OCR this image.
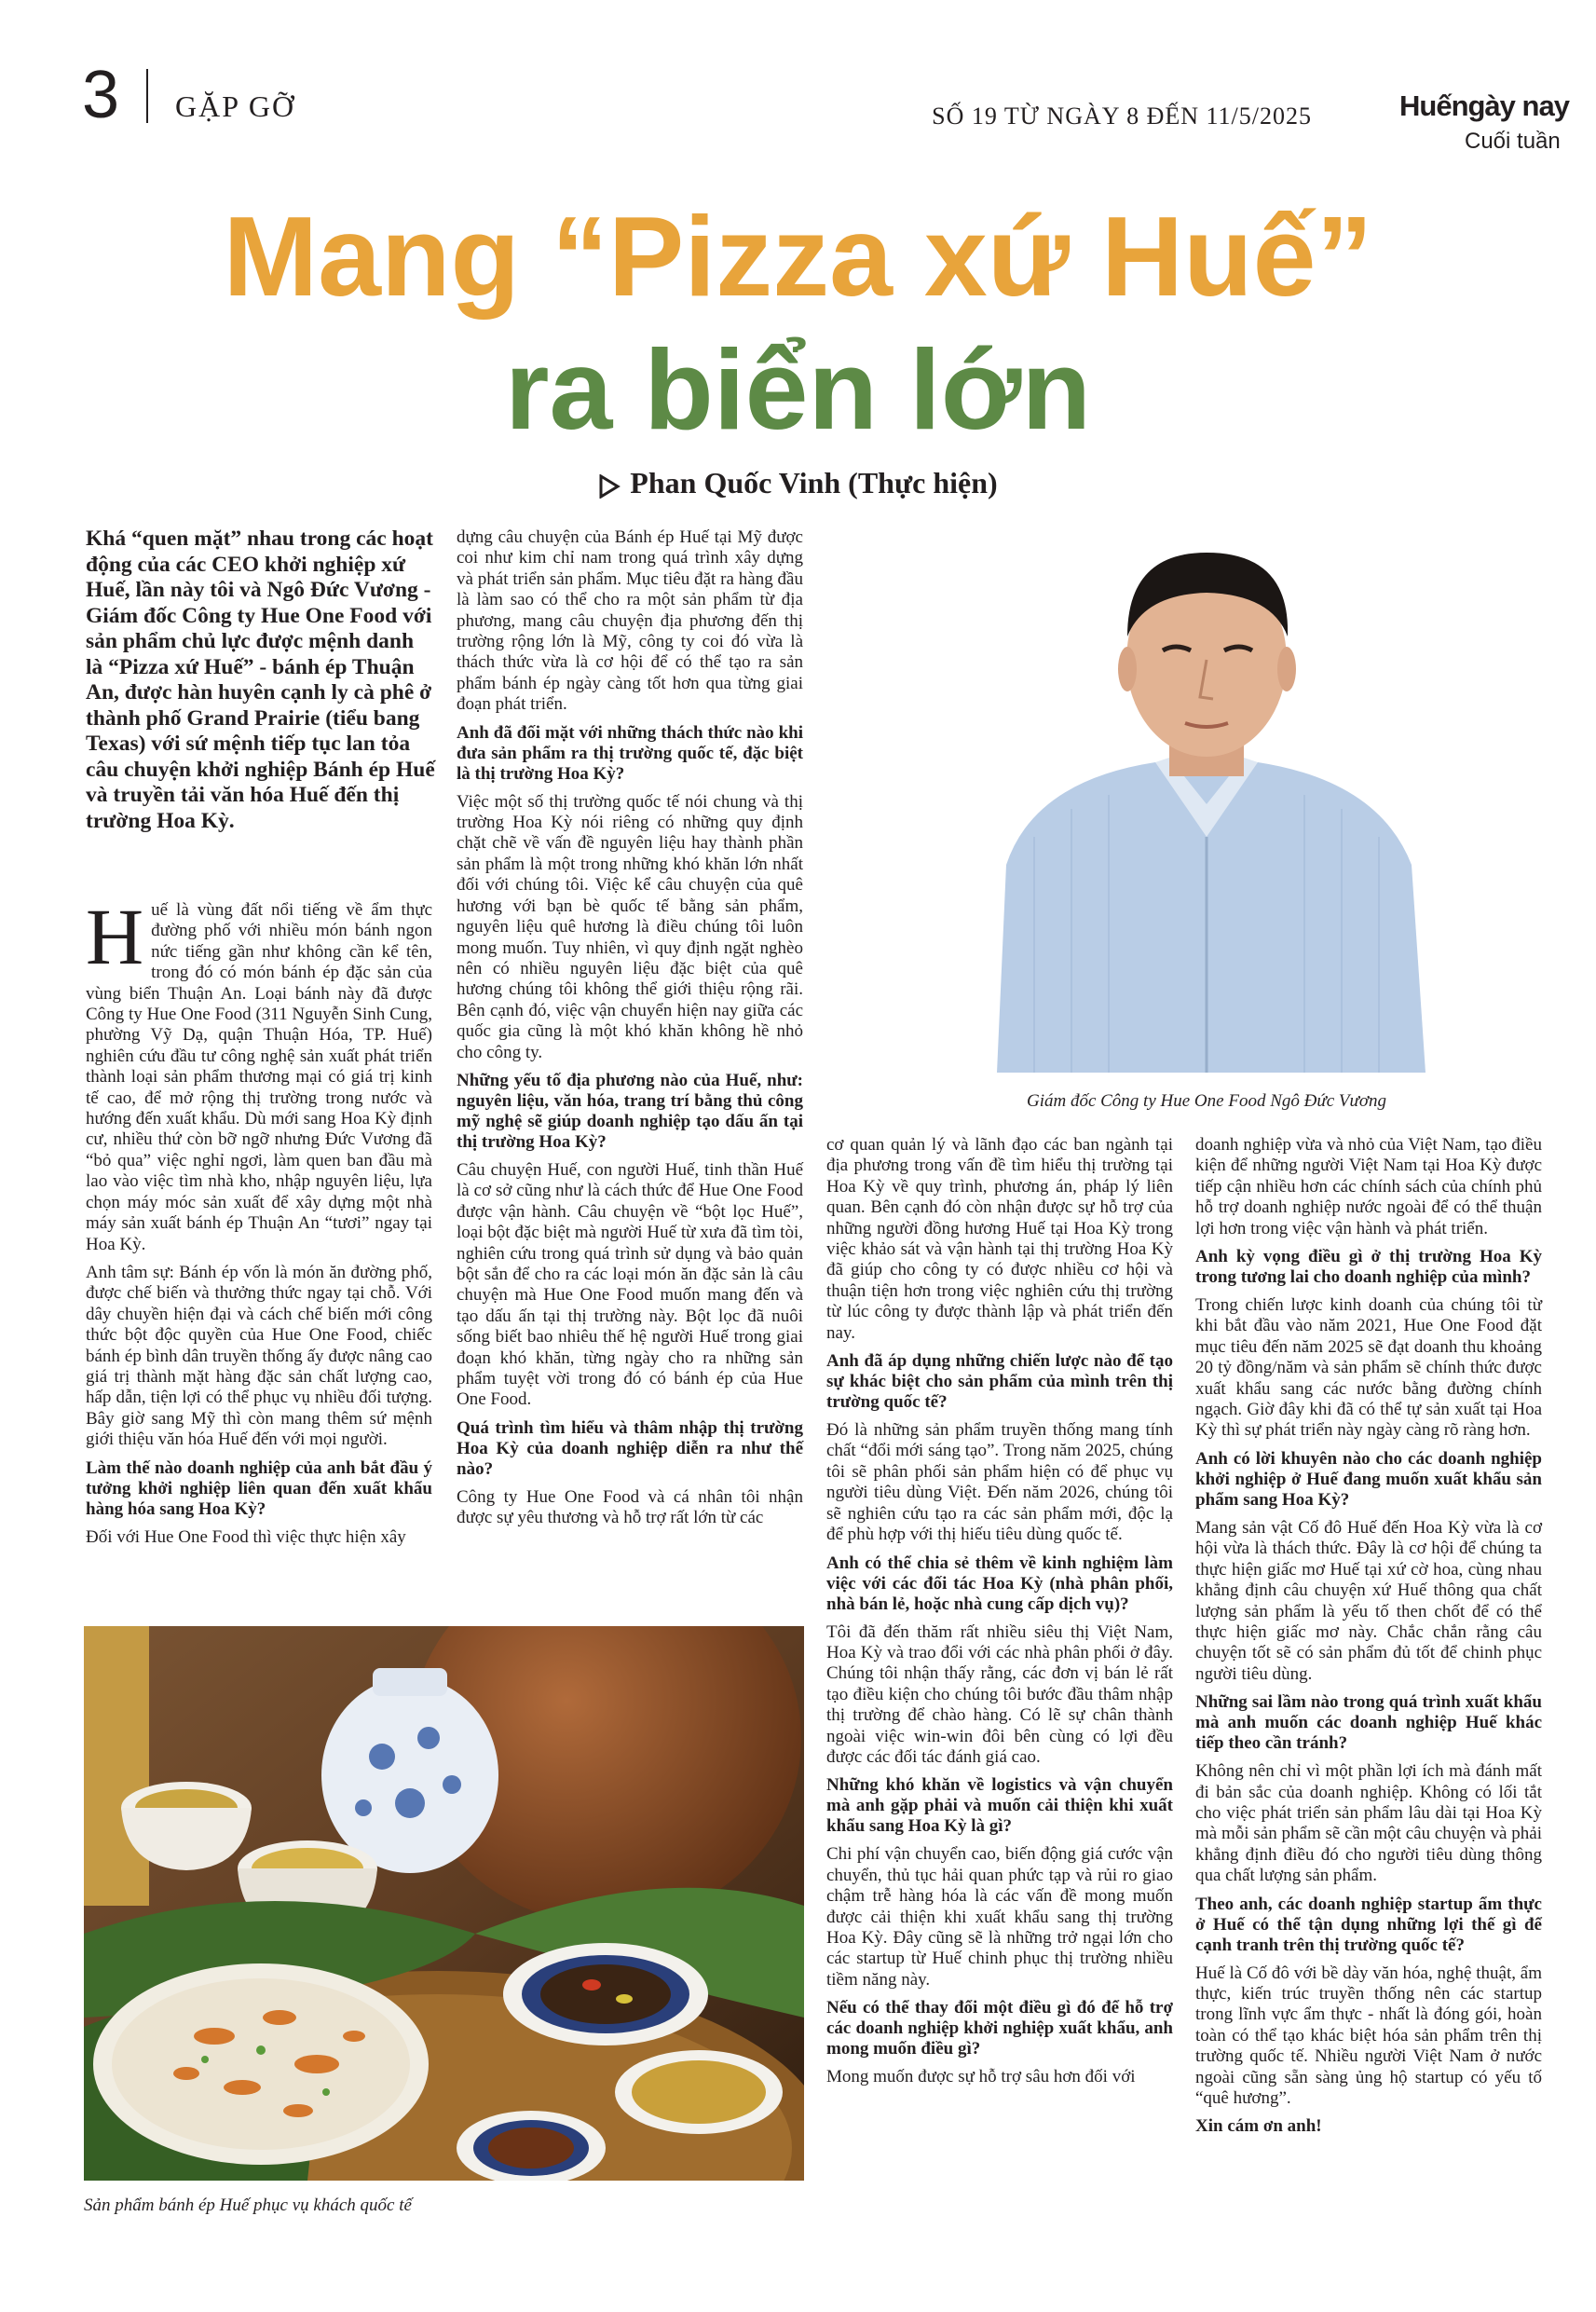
3 GẶP GỠ	SỐ 19 TỪ NGÀY 8 ĐẾN 11/5/2025	Huếngày nay
Cuối tuần
Mang “Pizza xứ Huế”
ra biển lớn
Phan Quốc Vinh (Thực hiện)
Khá “quen mặt” nhau trong các hoạt động của các CEO khởi nghiệp xứ Huế, lần này tôi và Ngô Đức Vương - Giám đốc Công ty Hue One Food với sản phẩm chủ lực được mệnh danh là “Pizza xứ Huế” - bánh ép Thuận An, được hàn huyên cạnh ly cà phê ở thành phố Grand Prairie (tiểu bang Texas) với sứ mệnh tiếp tục lan tỏa câu chuyện khởi nghiệp Bánh ép Huế và truyền tải văn hóa Huế đến thị trường Hoa Kỳ.

Huế là vùng đất nổi tiếng về ẩm thực đường phố với nhiều món bánh ngon nức tiếng gần như không cần kể tên, trong đó có món bánh ép đặc sản của vùng biển Thuận An. Loại bánh này đã được Công ty Hue One Food (311 Nguyễn Sinh Cung, phường Vỹ Dạ, quận Thuận Hóa, TP. Huế) nghiên cứu đầu tư công nghệ sản xuất phát triển thành loại sản phẩm thương mại có giá trị kinh tế cao, để mở rộng thị trường trong nước và hướng đến xuất khẩu. Dù mới sang Hoa Kỳ định cư, nhiều thứ còn bỡ ngỡ nhưng Đức Vương đã “bỏ qua” việc nghỉ ngơi, làm quen ban đầu mà lao vào việc tìm nhà kho, nhập nguyên liệu, lựa chọn máy móc sản xuất để xây dựng một nhà máy sản xuất bánh ép Thuận An “tươi” ngay tại Hoa Kỳ.

Anh tâm sự: Bánh ép vốn là món ăn đường phố, được chế biến và thưởng thức ngay tại chỗ. Với dây chuyền hiện đại và cách chế biến mới công thức bột độc quyền của Hue One Food, chiếc bánh ép bình dân truyền thống ấy được nâng cao giá trị thành mặt hàng đặc sản chất lượng cao, hấp dẫn, tiện lợi có thể phục vụ nhiều đối tượng. Bây giờ sang Mỹ thì còn mang thêm sứ mệnh giới thiệu văn hóa Huế đến với mọi người.

Làm thế nào doanh nghiệp của anh bắt đầu ý tưởng khởi nghiệp liên quan đến xuất khẩu hàng hóa sang Hoa Kỳ?

Đối với Hue One Food thì việc thực hiện xây

dựng câu chuyện của Bánh ép Huế tại Mỹ được coi như kim chỉ nam trong quá trình xây dựng và phát triển sản phẩm. Mục tiêu đặt ra hàng đầu là làm sao có thể cho ra một sản phẩm từ địa phương, mang câu chuyện địa phương đến thị trường rộng lớn là Mỹ, công ty coi đó vừa là thách thức vừa là cơ hội để có thể tạo ra sản phẩm bánh ép ngày càng tốt hơn qua từng giai đoạn phát triển.

Anh đã đối mặt với những thách thức nào khi đưa sản phẩm ra thị trường quốc tế, đặc biệt là thị trường Hoa Kỳ?

Việc một số thị trường quốc tế nói chung và thị trường Hoa Kỳ nói riêng có những quy định chặt chẽ về vấn đề nguyên liệu hay thành phần sản phẩm là một trong những khó khăn lớn nhất đối với chúng tôi. Việc kể câu chuyện của quê hương với bạn bè quốc tế bằng sản phẩm, nguyên liệu quê hương là điều chúng tôi luôn mong muốn. Tuy nhiên, vì quy định ngặt nghèo nên có nhiều nguyên liệu đặc biệt của quê hương chúng tôi không thể giới thiệu rộng rãi. Bên cạnh đó, việc vận chuyển hiện nay giữa các quốc gia cũng là một khó khăn không hề nhỏ cho công ty.

Những yếu tố địa phương nào của Huế, như: nguyên liệu, văn hóa, trang trí bằng thủ công mỹ nghệ sẽ giúp doanh nghiệp tạo dấu ấn tại thị trường Hoa Kỳ?

Câu chuyện Huế, con người Huế, tinh thần Huế là cơ sở cũng như là cách thức để Hue One Food được vận hành. Câu chuyện về “bột lọc Huế”, loại bột đặc biệt mà người Huế từ xưa đã tìm tòi, nghiên cứu trong quá trình sử dụng và bảo quản bột sắn để cho ra các loại món ăn đặc sản là câu chuyện mà Hue One Food muốn mang đến và tạo dấu ấn tại thị trường này. Bột lọc đã nuôi sống biết bao nhiêu thế hệ người Huế trong giai đoạn khó khăn, từng ngày cho ra những sản phẩm tuyệt vời trong đó có bánh ép của Hue One Food.

Quá trình tìm hiểu và thâm nhập thị trường Hoa Kỳ của doanh nghiệp diễn ra như thế nào?

Công ty Hue One Food và cá nhân tôi nhận được sự yêu thương và hỗ trợ rất lớn từ các

Giám đốc Công ty Hue One Food Ngô Đức Vương

cơ quan quản lý và lãnh đạo các ban ngành tại địa phương trong vấn đề tìm hiểu thị trường tại Hoa Kỳ về quy trình, phương án, pháp lý liên quan. Bên cạnh đó còn nhận được sự hỗ trợ của những người đồng hương Huế tại Hoa Kỳ trong việc khảo sát và vận hành tại thị trường Hoa Kỳ đã giúp cho công ty có được nhiều cơ hội và thuận tiện hơn trong việc nghiên cứu thị trường từ lúc công ty được thành lập và phát triển đến nay.

Anh đã áp dụng những chiến lược nào để tạo sự khác biệt cho sản phẩm của mình trên thị trường quốc tế?

Đó là những sản phẩm truyền thống mang tính chất “đổi mới sáng tạo”. Trong năm 2025, chúng tôi sẽ phân phối sản phẩm hiện có để phục vụ người tiêu dùng Việt. Đến năm 2026, chúng tôi sẽ nghiên cứu tạo ra các sản phẩm mới, độc lạ để phù hợp với thị hiếu tiêu dùng quốc tế.

Anh có thể chia sẻ thêm về kinh nghiệm làm việc với các đối tác Hoa Kỳ (nhà phân phối, nhà bán lẻ, hoặc nhà cung cấp dịch vụ)?

Tôi đã đến thăm rất nhiều siêu thị Việt Nam, Hoa Kỳ và trao đổi với các nhà phân phối ở đây. Chúng tôi nhận thấy rằng, các đơn vị bán lẻ rất tạo điều kiện cho chúng tôi bước đầu thâm nhập thị trường để chào hàng. Có lẽ sự chân thành ngoài việc win-win đôi bên cùng có lợi đều được các đối tác đánh giá cao.

Những khó khăn về logistics và vận chuyển mà anh gặp phải và muốn cải thiện khi xuất khẩu sang Hoa Kỳ là gì?

Chi phí vận chuyển cao, biến động giá cước vận chuyển, thủ tục hải quan phức tạp và rủi ro giao chậm trễ hàng hóa là các vấn đề mong muốn được cải thiện khi xuất khẩu sang thị trường Hoa Kỳ. Đây cũng sẽ là những trở ngại lớn cho các startup từ Huế chinh phục thị trường nhiều tiềm năng này.

Nếu có thể thay đổi một điều gì đó để hỗ trợ các doanh nghiệp khởi nghiệp xuất khẩu, anh mong muốn điều gì?

Mong muốn được sự hỗ trợ sâu hơn đối với

doanh nghiệp vừa và nhỏ của Việt Nam, tạo điều kiện để những người Việt Nam tại Hoa Kỳ được tiếp cận nhiều hơn các chính sách của chính phủ hỗ trợ doanh nghiệp nước ngoài để có thể thuận lợi hơn trong việc vận hành và phát triển.

Anh kỳ vọng điều gì ở thị trường Hoa Kỳ trong tương lai cho doanh nghiệp của mình?

Trong chiến lược kinh doanh của chúng tôi từ khi bắt đầu vào năm 2021, Hue One Food đặt mục tiêu đến năm 2025 sẽ đạt doanh thu khoảng 20 tỷ đồng/năm và sản phẩm sẽ chính thức được xuất khẩu sang các nước bằng đường chính ngạch. Giờ đây khi đã có thể tự sản xuất tại Hoa Kỳ thì sự phát triển này ngày càng rõ ràng hơn.

Anh có lời khuyên nào cho các doanh nghiệp khởi nghiệp ở Huế đang muốn xuất khẩu sản phẩm sang Hoa Kỳ?

Mang sản vật Cố đô Huế đến Hoa Kỳ vừa là cơ hội vừa là thách thức. Đây là cơ hội để chúng ta thực hiện giấc mơ Huế tại xứ cờ hoa, cùng nhau khẳng định câu chuyện xứ Huế thông qua chất lượng sản phẩm là yếu tố then chốt để có thể thực hiện giấc mơ này. Chắc chắn rằng câu chuyện tốt sẽ có sản phẩm đủ tốt để chinh phục người tiêu dùng.

Những sai lầm nào trong quá trình xuất khẩu mà anh muốn các doanh nghiệp Huế khác tiếp theo cần tránh?

Không nên chỉ vì một phần lợi ích mà đánh mất đi bản sắc của doanh nghiệp. Không có lối tắt cho việc phát triển sản phẩm lâu dài tại Hoa Kỳ mà mỗi sản phẩm sẽ cần một câu chuyện và phải khẳng định điều đó cho người tiêu dùng thông qua chất lượng sản phẩm.

Theo anh, các doanh nghiệp startup ẩm thực ở Huế có thể tận dụng những lợi thế gì để cạnh tranh trên thị trường quốc tế?

Huế là Cố đô với bề dày văn hóa, nghệ thuật, ẩm thực, kiến trúc truyền thống nên các startup trong lĩnh vực ẩm thực - nhất là đóng gói, hoàn toàn có thể tạo khác biệt hóa sản phẩm trên thị trường quốc tế. Nhiều người Việt Nam ở nước ngoài cũng sẵn sàng ủng hộ startup có yếu tố “quê hương”.

Xin cám ơn anh!

Sản phẩm bánh ép Huế phục vụ khách quốc tế
